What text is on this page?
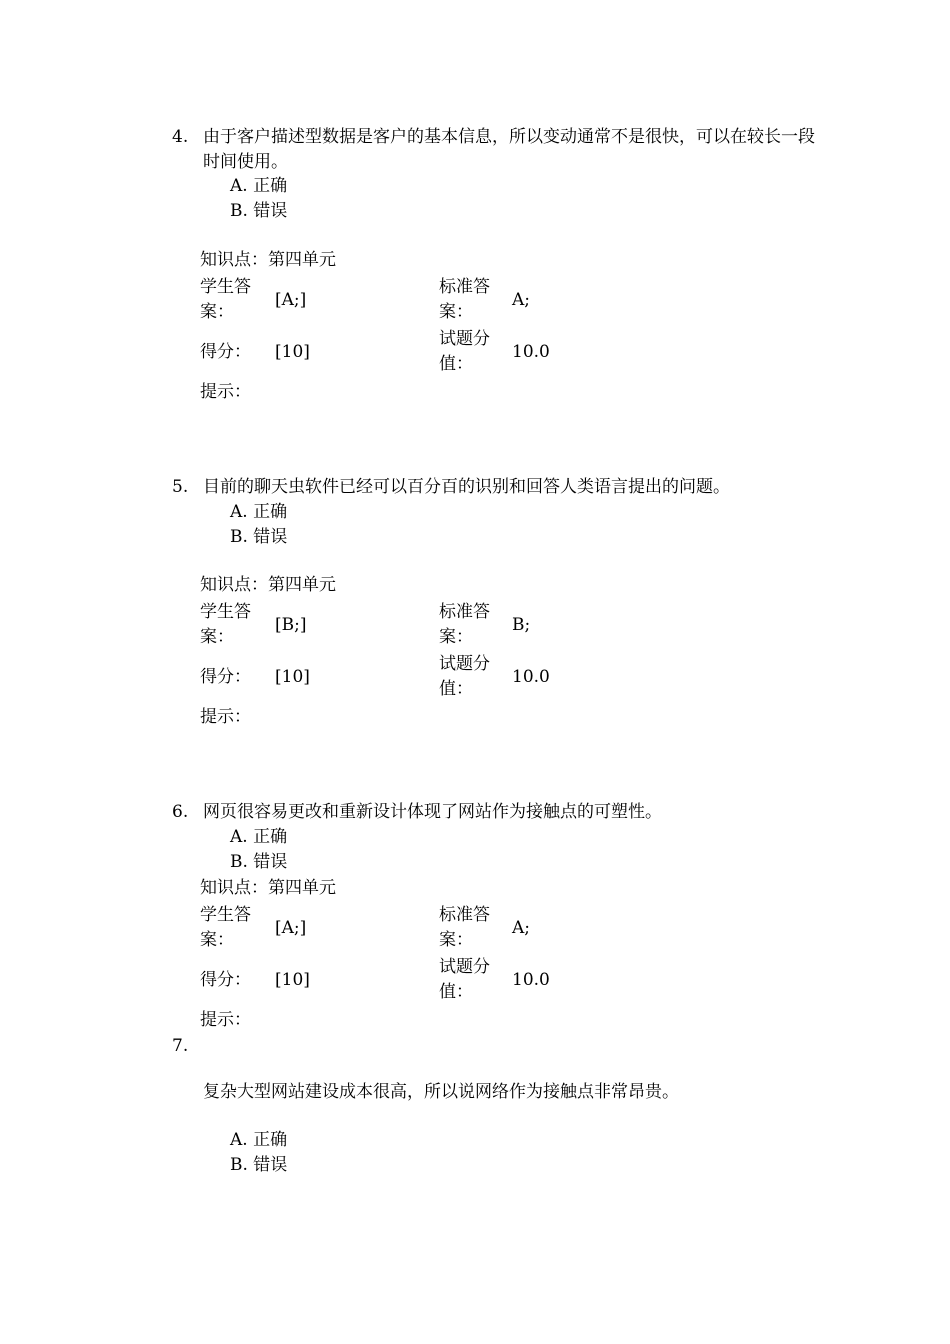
4. 由于客户描述型数据是客户的基本信息，所以变动通常不是很快，可以在较长一段时间使用。
A. 正确
B. 错误
知识点：第四单元
学生答案：
[A;]
标准答案：
A;
得分： [10]
试题分值：
10.0
提示：
5. 目前的聊天虫软件已经可以百分百的识别和回答人类语言提出的问题。
A. 正确
B. 错误
知识点：第四单元
学生答案：
[B;]
标准答案：
B;
得分： [10]
试题分值：
10.0
提示：
6. 网页很容易更改和重新设计体现了网站作为接触点的可塑性。
A. 正确
B. 错误
知识点：第四单元
学生答案：
[A;]
标准答案：
A;
得分： [10]
试题分值：
10.0
提示：
7.
复杂大型网站建设成本很高，所以说网络作为接触点非常昂贵。
A. 正确
B. 错误
